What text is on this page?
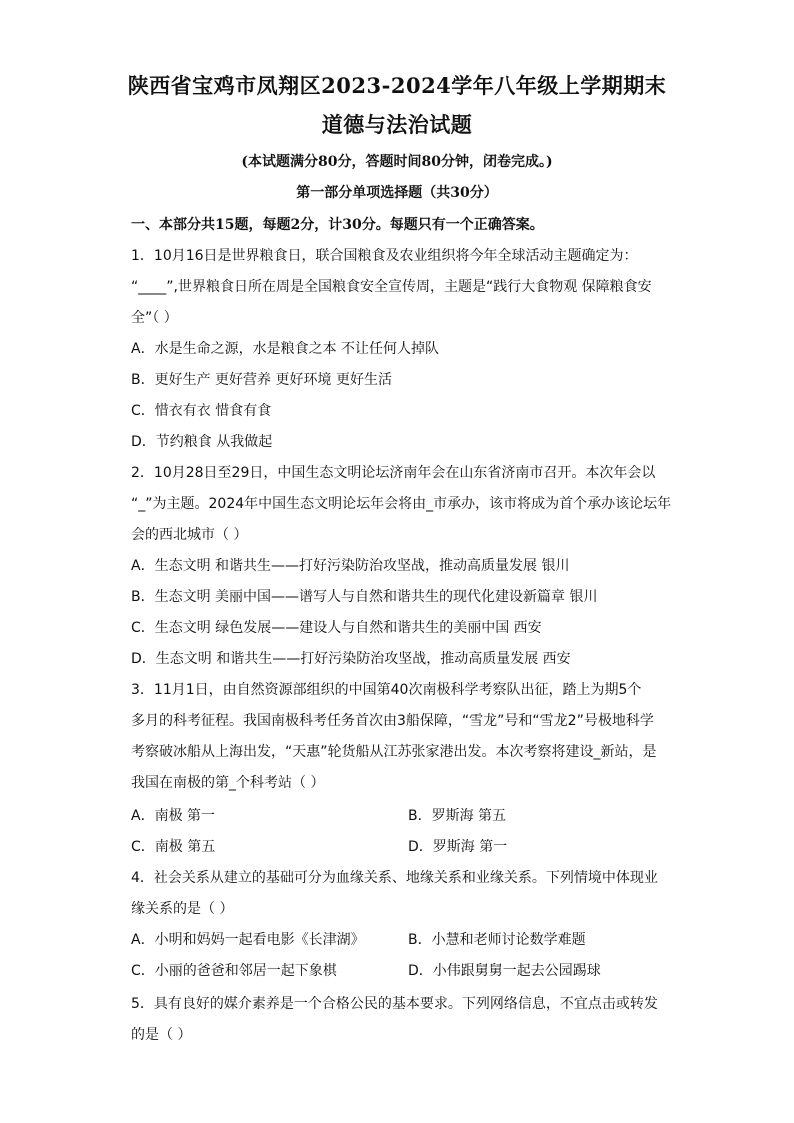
陕西省宝鸡市凤翔区2023-2024学年八年级上学期期末
道德与法治试题
(本试题满分80分，答题时间80分钟，闭卷完成。)
第一部分单项选择题（共30分）
一、本部分共15题，每题2分，计30分。每题只有一个正确答案。
1．10月16日是世界粮食日，联合国粮食及农业组织将今年全球活动主题确定为：
“____”,世界粮食日所在周是全国粮食安全宣传周，主题是“践行大食物观 保障粮食安
全”（ ）
A．水是生命之源，水是粮食之本 不让任何人掉队
B．更好生产 更好营养 更好环境 更好生活
C．惜衣有衣 惜食有食
D．节约粮食 从我做起
2．10月28日至29日，中国生态文明论坛济南年会在山东省济南市召开。本次年会以
“_”为主题。2024年中国生态文明论坛年会将由_市承办，该市将成为首个承办该论坛年
会的西北城市（ ）
A．生态文明 和谐共生——打好污染防治攻坚战，推动高质量发展 银川
B．生态文明 美丽中国——谱写人与自然和谐共生的现代化建设新篇章 银川
C．生态文明 绿色发展——建设人与自然和谐共生的美丽中国 西安
D．生态文明 和谐共生——打好污染防治攻坚战，推动高质量发展 西安
3．11月1日，由自然资源部组织的中国第40次南极科学考察队出征，踏上为期5个
多月的科考征程。我国南极科考任务首次由3船保障，“雪龙”号和“雪龙2”号极地科学
考察破冰船从上海出发，“天惠”轮货船从江苏张家港出发。本次考察将建设_新站，是
我国在南极的第_个科考站（ ）
A．南极 第一	B．罗斯海 第五
C．南极 第五	D．罗斯海 第一
4．社会关系从建立的基础可分为血缘关系、地缘关系和业缘关系。下列情境中体现业
缘关系的是（ ）
A．小明和妈妈一起看电影《长津湖》	B．小慧和老师讨论数学难题
C．小丽的爸爸和邻居一起下象棋	D．小伟跟舅舅一起去公园踢球
5．具有良好的媒介素养是一个合格公民的基本要求。下列网络信息，不宜点击或转发
的是（ ）
